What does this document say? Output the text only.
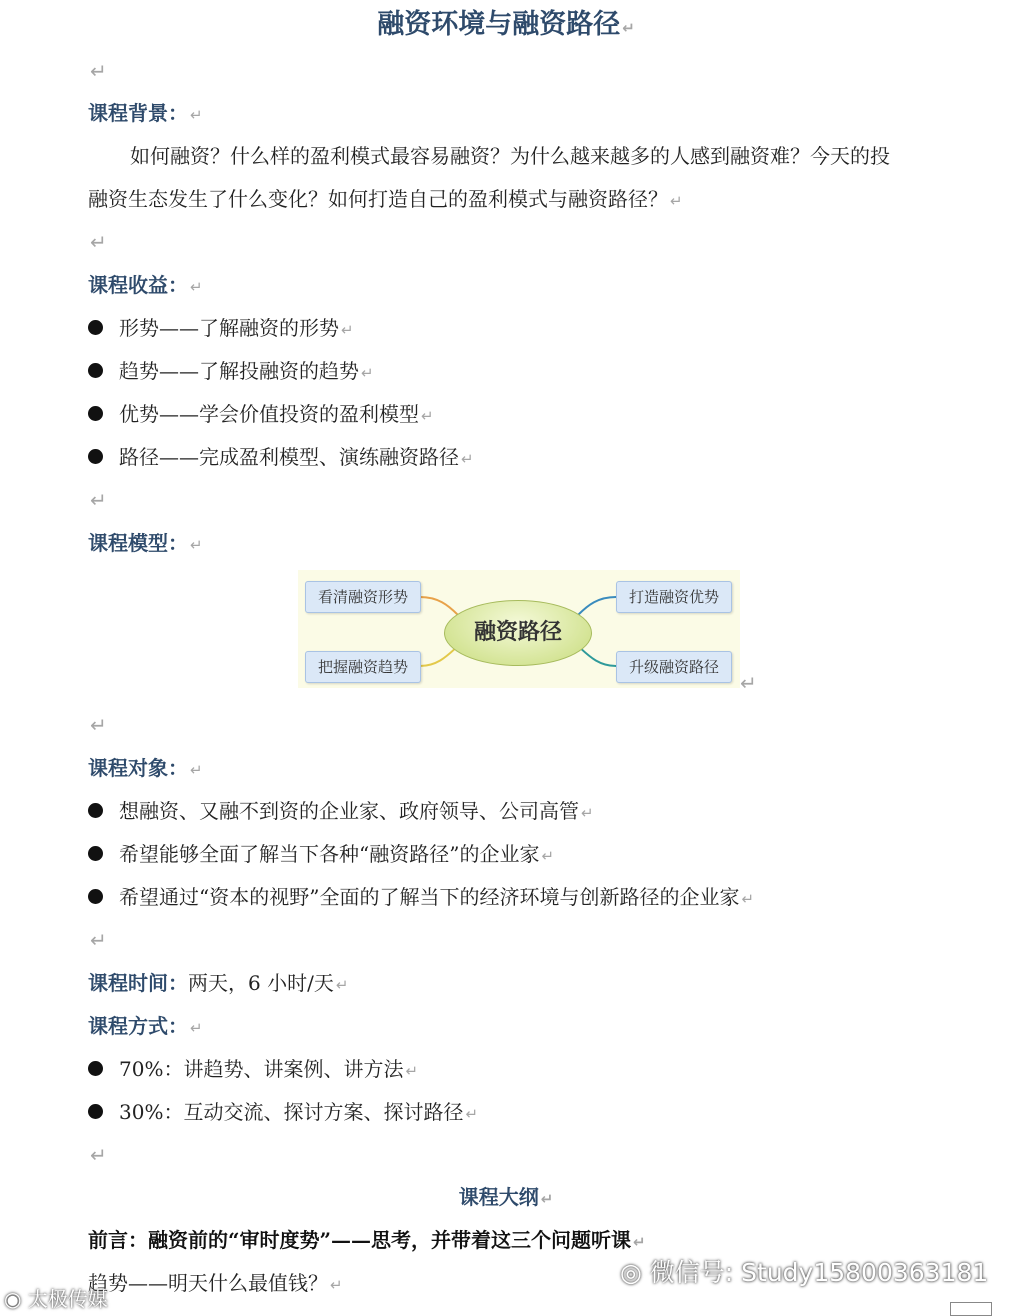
融资环境与融资路径 ↵
↵
课程背景： ↵
如何融资？什么样的盈利模式最容易融资？为什么越来越多的人感到融资难？今天的投
融资生态发生了什么变化？如何打造自己的盈利模式与融资路径？ ↵
↵
课程收益： ↵
形势——了解融资的形势 ↵
趋势——了解投融资的趋势 ↵
优势——学会价值投资的盈利模型 ↵
路径——完成盈利模型、演练融资路径 ↵
↵
课程模型： ↵
看清融资形势
把握融资趋势
打造融资优势
升级融资路径
融资路径
↵
↵
课程对象： ↵
想融资、又融不到资的企业家、政府领导、公司高管 ↵
希望能够全面了解当下各种“融资路径”的企业家 ↵
希望通过“资本的视野”全面的了解当下的经济环境与创新路径的企业家 ↵
↵
课程时间：两天，6 小时/天 ↵
课程方式： ↵
70%：讲趋势、讲案例、讲方法 ↵
30%：互动交流、探讨方案、探讨路径 ↵
↵
课程大纲 ↵
前言：融资前的“审时度势”——思考，并带着这三个问题听课 ↵
趋势——明天什么最值钱？ ↵	◎ 微信号: Study15800363181
◉ 太极传媒
